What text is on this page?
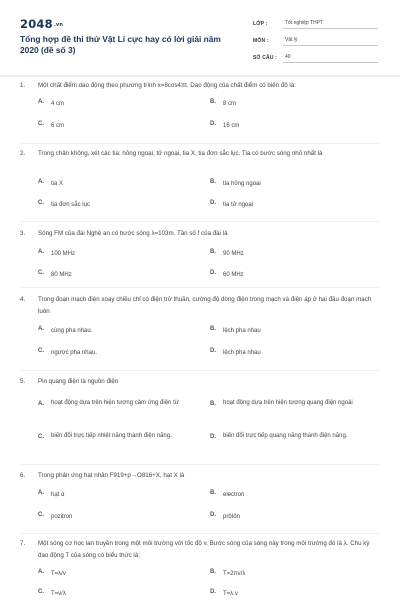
2048.vn
Tổng hợp đề thi thử Vật Lí cực hay có lời giải năm 2020 (đề số 3)
LỚP :	Tốt nghiệp THPT
MÔN :	Vật lý
SỐ CÂU :	40
1. Một chất điểm dao động theo phương trình x=8cos4πt. Dao động của chất điểm có biên độ là:
A.	4 cm	B.	8 cm
C.	6 cm	D.	16 cm
2. Trong chân không, xét các tia: hồng ngoại, tử ngoại, tia X, tia đơn sắc lục. Tia có bước sóng nhỏ nhất là
A.	tia X	B.	tia hồng ngoại
C.	tia đơn sắc lục	D.	tia tử ngoại
3. Sóng FM của đài Nghệ an có bước sóng λ=103m. Tần số f của đài là
A.	100 MHz	B.	90 MHz
C.	80 MHz	D.	60 MHz
4. Trong đoạn mạch điện xoay chiều chỉ có điện trở thuần, cường độ dòng điện trong mạch và điện áp ở hai đầu đoạn mạch luôn
A.	cùng pha nhau.	B.	lệch pha nhau
C.	ngược pha nhau.	D.	lệch pha nhau
5. Pin quang điện là nguồn điện
A.	hoạt động dựa trên hiện tượng cảm ứng điện từ	B.	hoạt động dựa trên hiện tượng quang điện ngoài
C.	biến đổi trực tiếp nhiệt năng thành điện năng.	D.	biến đổi trực tiếp quang năng thành điện năng.
6. Trong phản ứng hạt nhân F919+p→O816+X, hạt X là
A.	hạt α	B.	electron
C.	pozitron	D.	prôtôn
7. Một sóng cơ học lan truyền trong một môi trường với tốc độ v. Bước sóng của sóng này trong môi trường đó là λ. Chu kỳ dao động T của sóng có biểu thức là:
A.	T=λ/v	B.	T=2πv/λ
C.	T=v/λ	D.	T=λ.v
